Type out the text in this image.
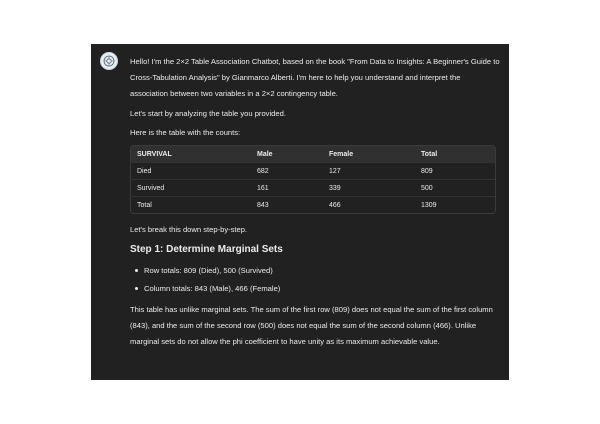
Hello! I'm the 2×2 Table Association Chatbot, based on the book "From Data to Insights: A Beginner's Guide to Cross-Tabulation Analysis" by Gianmarco Alberti. I'm here to help you understand and interpret the association between two variables in a 2×2 contingency table.

Let's start by analyzing the table you provided.

Here is the table with the counts:

SURVIVAL	Male	Female	Total
Died	682	127	809
Survived	161	339	500
Total	843	466	1309

Let's break this down step-by-step.

Step 1: Determine Marginal Sets
Row totals: 809 (Died), 500 (Survived)
Column totals: 843 (Male), 466 (Female)

This table has unlike marginal sets. The sum of the first row (809) does not equal the sum of the first column (843), and the sum of the second row (500) does not equal the sum of the second column (466). Unlike marginal sets do not allow the phi coefficient to have unity as its maximum achievable value.
